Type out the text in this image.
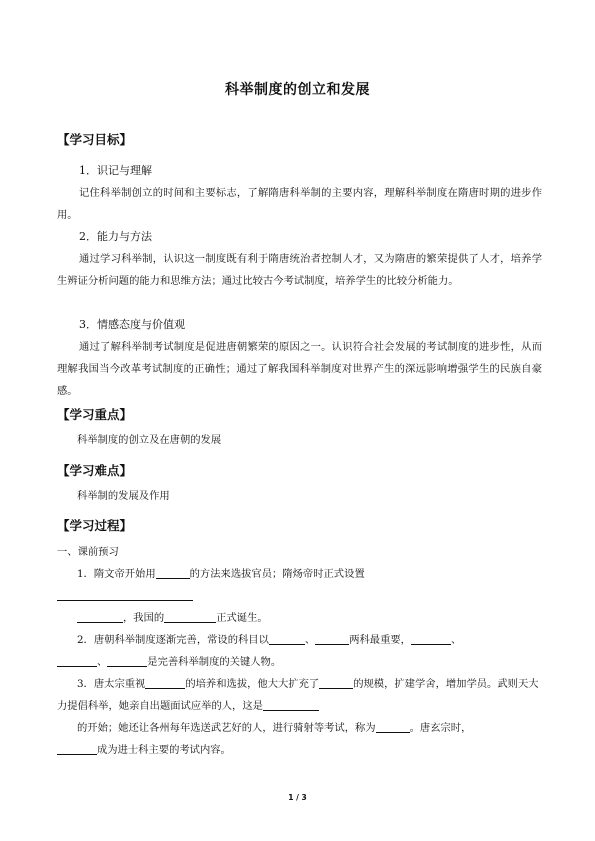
科举制度的创立和发展

【学习目标】

1．识记与理解

记住科举制创立的时间和主要标志，了解隋唐科举制的主要内容，理解科举制度在隋唐时期的进步作用。

2．能力与方法

通过学习科举制，认识这一制度既有利于隋唐统治者控制人才，又为隋唐的繁荣提供了人才，培养学生辨证分析问题的能力和思维方法；通过比较古今考试制度，培养学生的比较分析能力。

3．情感态度与价值观

通过了解科举制考试制度是促进唐朝繁荣的原因之一。认识符合社会发展的考试制度的进步性，从而理解我国当今改革考试制度的正确性；通过了解我国科举制度对世界产生的深远影响增强学生的民族自豪感。

【学习重点】

科举制度的创立及在唐朝的发展

【学习难点】

科举制的发展及作用

【学习过程】

一、课前预习

1．隋文帝开始用	的方法来选拔官员；隋炀帝时正式设置

，我国的	正式诞生。

2．唐朝科举制度逐渐完善，常设的科目以	、	两科最重要，	、

、	是完善科举制度的关键人物。

3．唐太宗重视	的培养和选拔，他大大扩充了	的规模，扩建学舍，增加学员。武则天大力提倡科举，她亲自出题面试应举的人，这是

的开始；她还让各州每年选送武艺好的人，进行骑射等考试，称为	。唐玄宗时，

成为进士科主要的考试内容。

1 / 3
